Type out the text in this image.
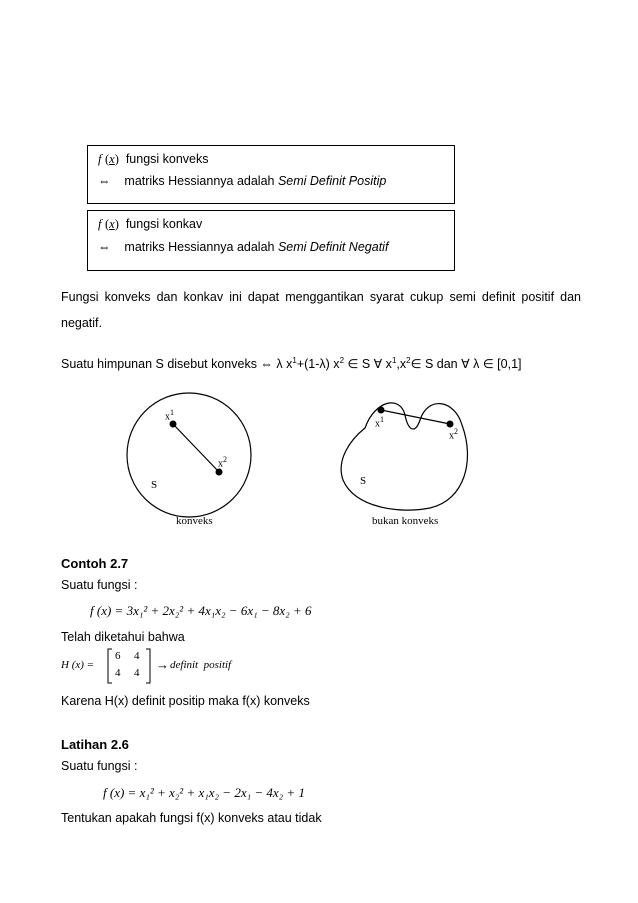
f (x) fungsi konveks
⇔ matriks Hessiannya adalah Semi Definit Positip
f (x) fungsi konkav
⇔ matriks Hessiannya adalah Semi Definit Negatif
Fungsi konveks dan konkav ini dapat menggantikan syarat cukup semi definit positif dan negatif.
Suatu himpunan S disebut konveks ⇔ λ $x^1+(1-\lambda)$ $x^2$ ∈ S ∀ $x^1,x^2\in$ S dan ∀ λ ∈ [0,1]
$x^1$
$x^2$
S
konveks
$x^1$
$x^2$
S
bukan konveks
Contoh 2.7
Suatu fungsi :
f (x) = 3x₁² + 2x₂² + 4x₁x₂ − 6x₁ − 8x₂ + 6
Telah diketahui bahwa
H (x) =
6 4
4 4
→ definit  positif
Karena H(x) definit positip maka f(x) konveks
Latihan 2.6
Suatu fungsi :
f (x) = x₁² + x₂² + x₁x₂ − 2x₁ − 4x₂ + 1
Tentukan apakah fungsi f(x) konveks atau tidak
